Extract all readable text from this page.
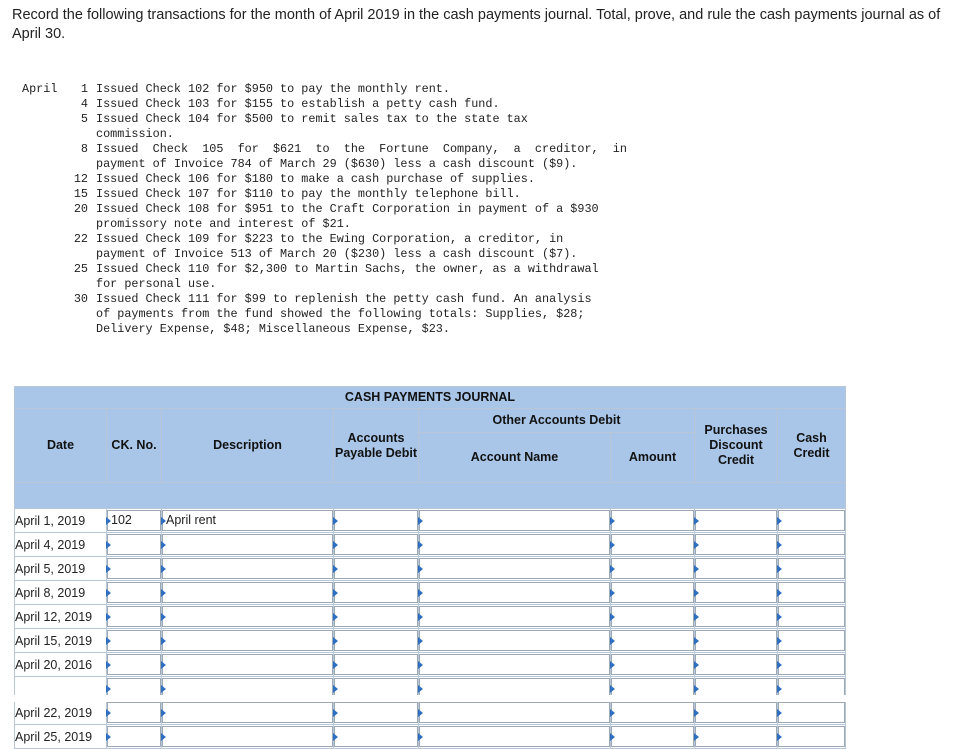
Record the following transactions for the month of April 2019 in the cash payments journal. Total, prove, and rule the cash payments journal as of April 30.

April	1 Issued Check 102 for $950 to pay the monthly rent.
4 Issued Check 103 for $155 to establish a petty cash fund.
5 Issued Check 104 for $500 to remit sales tax to the state tax
commission.
8 Issued  Check  105  for  $621  to  the  Fortune  Company,  a  creditor,  in
payment of Invoice 784 of March 29 ($630) less a cash discount ($9).
12 Issued Check 106 for $180 to make a cash purchase of supplies.
15 Issued Check 107 for $110 to pay the monthly telephone bill.
20 Issued Check 108 for $951 to the Craft Corporation in payment of a $930
promissory note and interest of $21.
22 Issued Check 109 for $223 to the Ewing Corporation, a creditor, in
payment of Invoice 513 of March 20 ($230) less a cash discount ($7).
25 Issued Check 110 for $2,300 to Martin Sachs, the owner, as a withdrawal
for personal use.
30 Issued Check 111 for $99 to replenish the petty cash fund. An analysis
of payments from the fund showed the following totals: Supplies, $28;
Delivery Expense, $48; Miscellaneous Expense, $23.
CASH PAYMENTS JOURNAL							
Date	CK. No.	Description	Accounts Payable Debit	Other Accounts Debit		Purchases Discount Credit	Cash Credit
				Account Name	Amount		

April 1, 2019	102	April rent					

April 4, 2019	

April 5, 2019	

April 8, 2019	

April 12, 2019	

April 15, 2019	

April 20, 2016	

April 22, 2019	

April 25, 2019	
